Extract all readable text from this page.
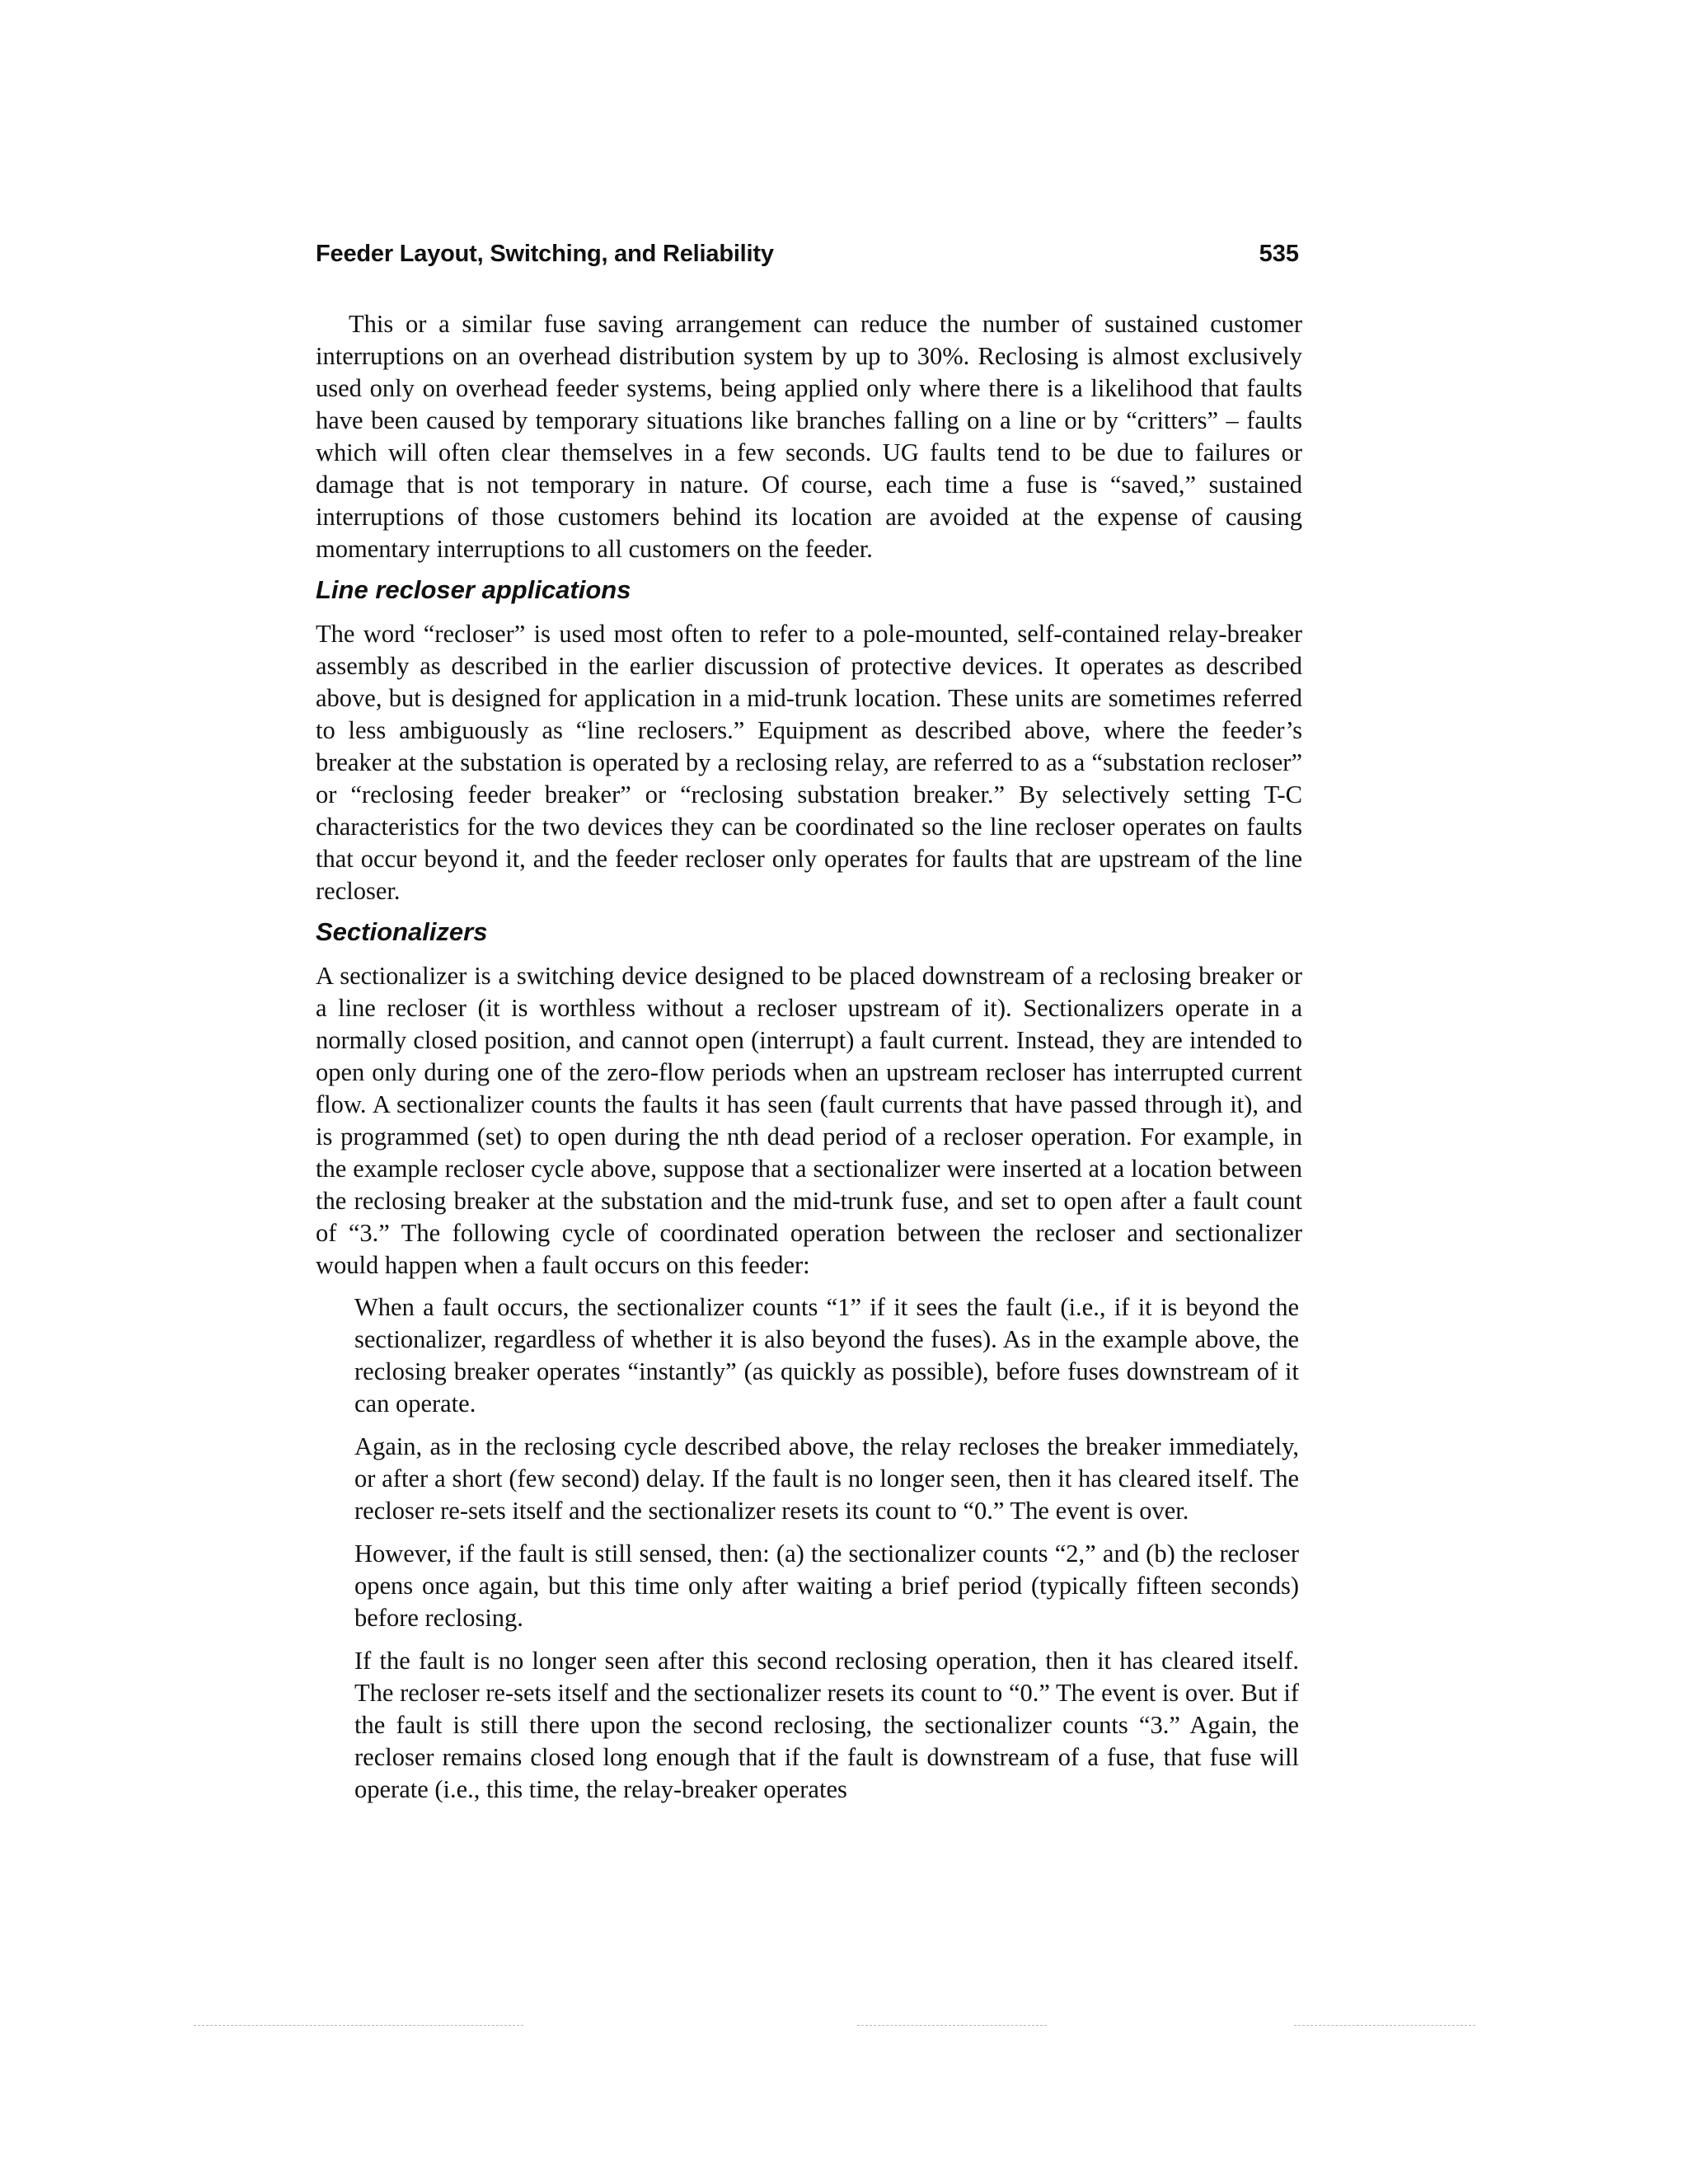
Feeder Layout, Switching, and Reliability	535

This or a similar fuse saving arrangement can reduce the number of sustained customer interruptions on an overhead distribution system by up to 30%. Reclosing is almost exclusively used only on overhead feeder systems, being applied only where there is a likelihood that faults have been caused by temporary situations like branches falling on a line or by “critters” – faults which will often clear themselves in a few seconds. UG faults tend to be due to failures or damage that is not temporary in nature. Of course, each time a fuse is “saved,” sustained interruptions of those customers behind its location are avoided at the expense of causing momentary interruptions to all customers on the feeder.

Line recloser applications

The word “recloser” is used most often to refer to a pole-mounted, self-contained relay-breaker assembly as described in the earlier discussion of protective devices. It operates as described above, but is designed for application in a mid-trunk location. These units are sometimes referred to less ambiguously as “line reclosers.” Equipment as described above, where the feeder’s breaker at the substation is operated by a reclosing relay, are referred to as a “substation recloser” or “reclosing feeder breaker” or “reclosing substation breaker.” By selectively setting T-C characteristics for the two devices they can be coordinated so the line recloser operates on faults that occur beyond it, and the feeder recloser only operates for faults that are upstream of the line recloser.

Sectionalizers

A sectionalizer is a switching device designed to be placed downstream of a reclosing breaker or a line recloser (it is worthless without a recloser upstream of it). Sectionalizers operate in a normally closed position, and cannot open (interrupt) a fault current. Instead, they are intended to open only during one of the zero-flow periods when an upstream recloser has interrupted current flow. A sectionalizer counts the faults it has seen (fault currents that have passed through it), and is programmed (set) to open during the nth dead period of a recloser operation. For example, in the example recloser cycle above, suppose that a sectionalizer were inserted at a location between the reclosing breaker at the substation and the mid-trunk fuse, and set to open after a fault count of “3.” The following cycle of coordinated operation between the recloser and sectionalizer would happen when a fault occurs on this feeder:

When a fault occurs, the sectionalizer counts “1” if it sees the fault (i.e., if it is beyond the sectionalizer, regardless of whether it is also beyond the fuses). As in the example above, the reclosing breaker operates “instantly” (as quickly as possible), before fuses downstream of it can operate.

Again, as in the reclosing cycle described above, the relay recloses the breaker immediately, or after a short (few second) delay. If the fault is no longer seen, then it has cleared itself. The recloser re-sets itself and the sectionalizer resets its count to “0.” The event is over.

However, if the fault is still sensed, then: (a) the sectionalizer counts “2,” and (b) the recloser opens once again, but this time only after waiting a brief period (typically fifteen seconds) before reclosing.

If the fault is no longer seen after this second reclosing operation, then it has cleared itself. The recloser re-sets itself and the sectionalizer resets its count to “0.” The event is over. But if the fault is still there upon the second reclosing, the sectionalizer counts “3.” Again, the recloser remains closed long enough that if the fault is downstream of a fuse, that fuse will operate (i.e., this time, the relay-breaker operates
